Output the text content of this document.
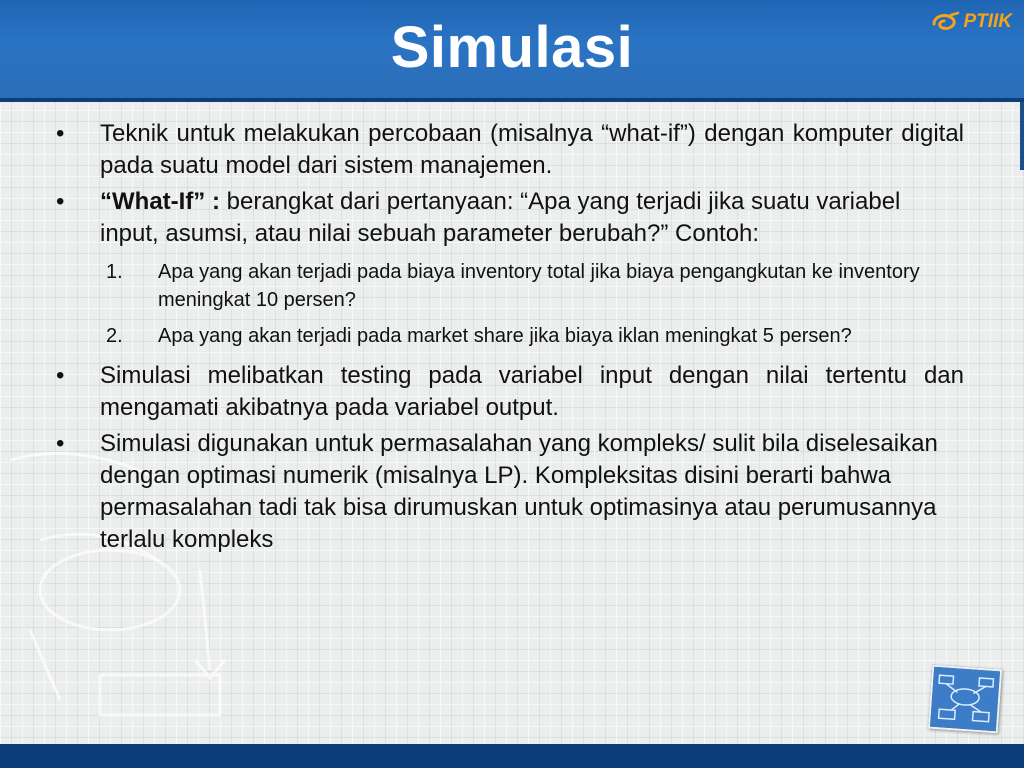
Simulasi	PTIIK
• Teknik untuk melakukan percobaan (misalnya “what-if”) dengan komputer digital pada suatu model dari sistem manajemen.
• “What-If” : berangkat dari pertanyaan: “Apa yang terjadi jika suatu variabel input, asumsi, atau nilai sebuah parameter berubah?” Contoh:
1. Apa yang akan terjadi pada biaya inventory total jika biaya pengangkutan ke inventory meningkat 10 persen?
2. Apa yang akan terjadi pada market share jika biaya iklan meningkat 5 persen?
• Simulasi melibatkan testing pada variabel input dengan nilai tertentu dan mengamati akibatnya pada variabel output.
• Simulasi digunakan untuk permasalahan yang kompleks/ sulit bila diselesaikan dengan optimasi numerik (misalnya LP). Kompleksitas disini berarti bahwa permasalahan tadi tak bisa dirumuskan untuk optimasinya atau perumusannya terlalu kompleks
